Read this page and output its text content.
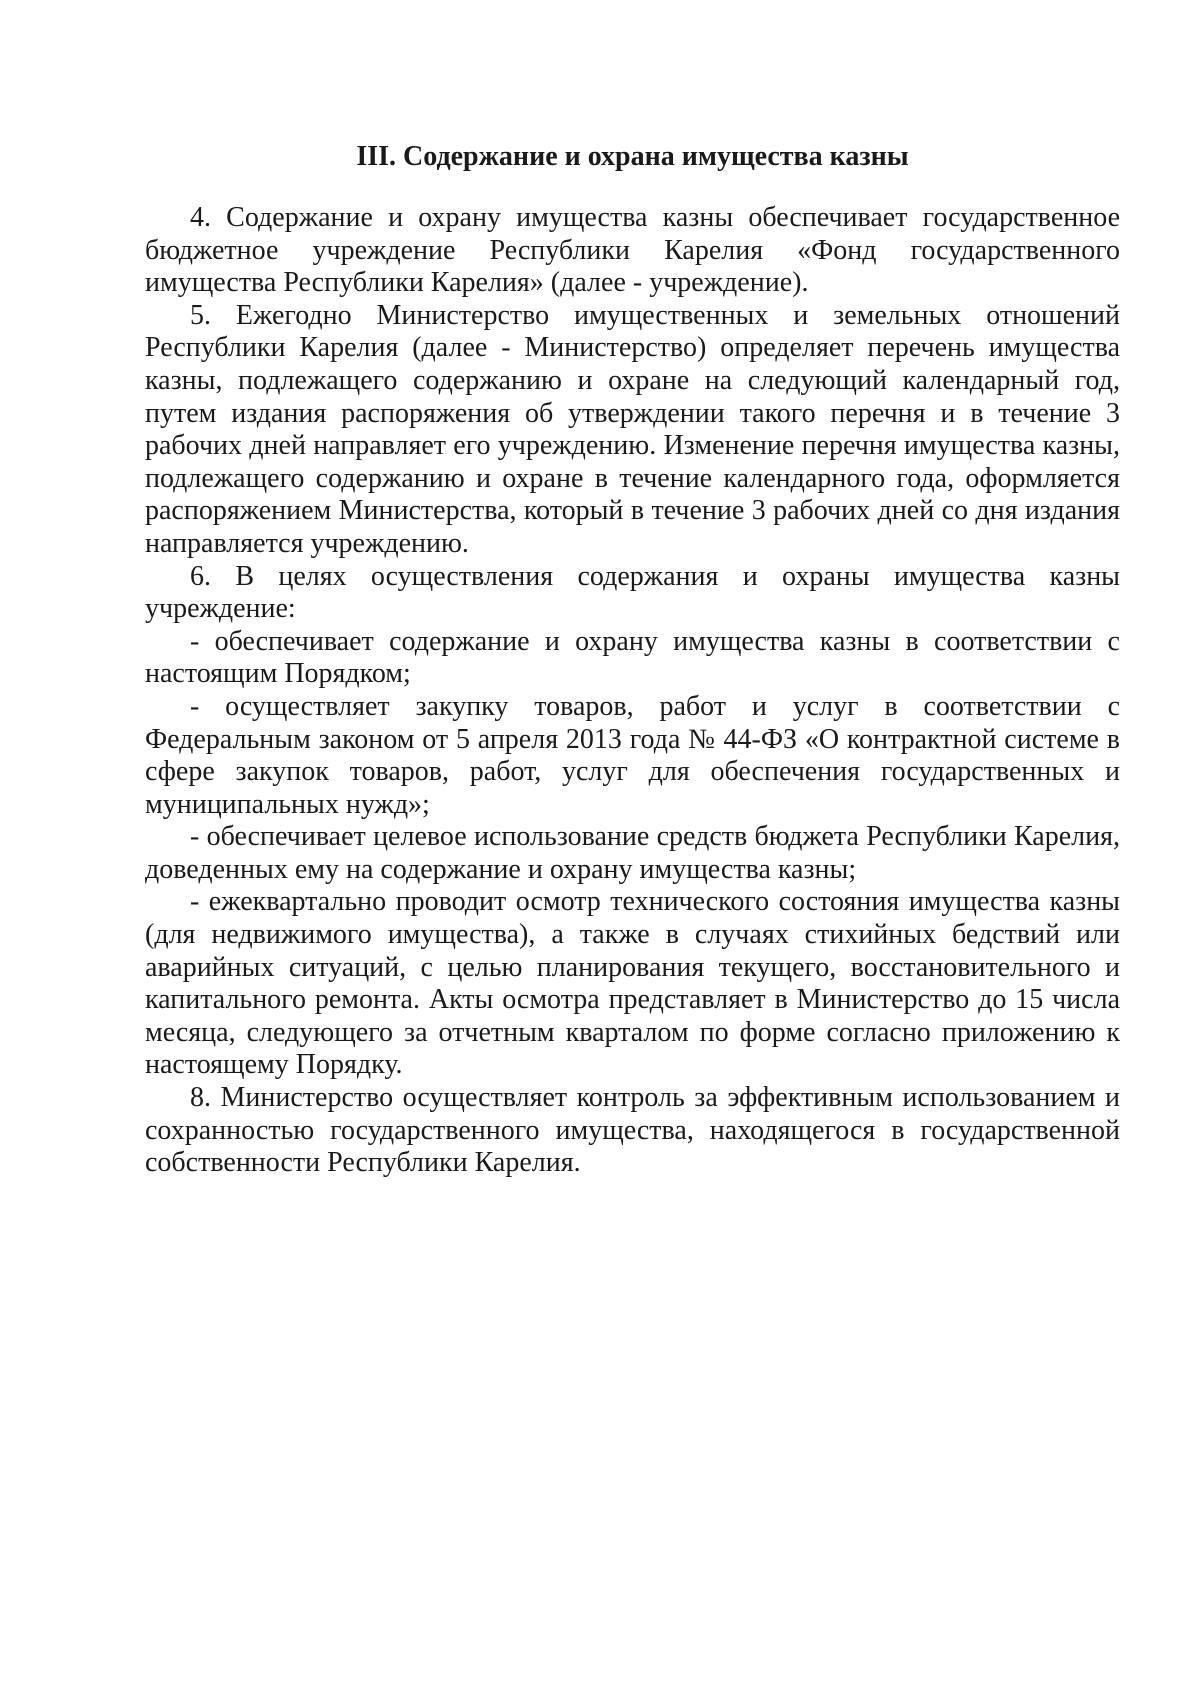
III. Содержание и охрана имущества казны

4. Содержание и охрану имущества казны обеспечивает государственное бюджетное учреждение Республики Карелия «Фонд государственного имущества Республики Карелия» (далее - учреждение).

5. Ежегодно Министерство имущественных и земельных отношений Республики Карелия (далее - Министерство) определяет перечень имущества казны, подлежащего содержанию и охране на следующий календарный год, путем издания распоряжения об утверждении такого перечня и в течение 3 рабочих дней направляет его учреждению. Изменение перечня имущества казны, подлежащего содержанию и охране в течение календарного года, оформляется распоряжением Министерства, который в течение 3 рабочих дней со дня издания направляется учреждению.

6. В целях осуществления содержания и охраны имущества казны учреждение:

- обеспечивает содержание и охрану имущества казны в соответствии с настоящим Порядком;

- осуществляет закупку товаров, работ и услуг в соответствии с Федеральным законом от 5 апреля 2013 года № 44-ФЗ «О контрактной системе в сфере закупок товаров, работ, услуг для обеспечения государственных и муниципальных нужд»;

- обеспечивает целевое использование средств бюджета Республики Карелия, доведенных ему на содержание и охрану имущества казны;

- ежеквартально проводит осмотр технического состояния имущества казны (для недвижимого имущества), а также в случаях стихийных бедствий или аварийных ситуаций, с целью планирования текущего, восстановительного и капитального ремонта. Акты осмотра представляет в Министерство до 15 числа месяца, следующего за отчетным кварталом по форме согласно приложению к настоящему Порядку.

8. Министерство осуществляет контроль за эффективным использованием и сохранностью государственного имущества, находящегося в государственной собственности Республики Карелия.
